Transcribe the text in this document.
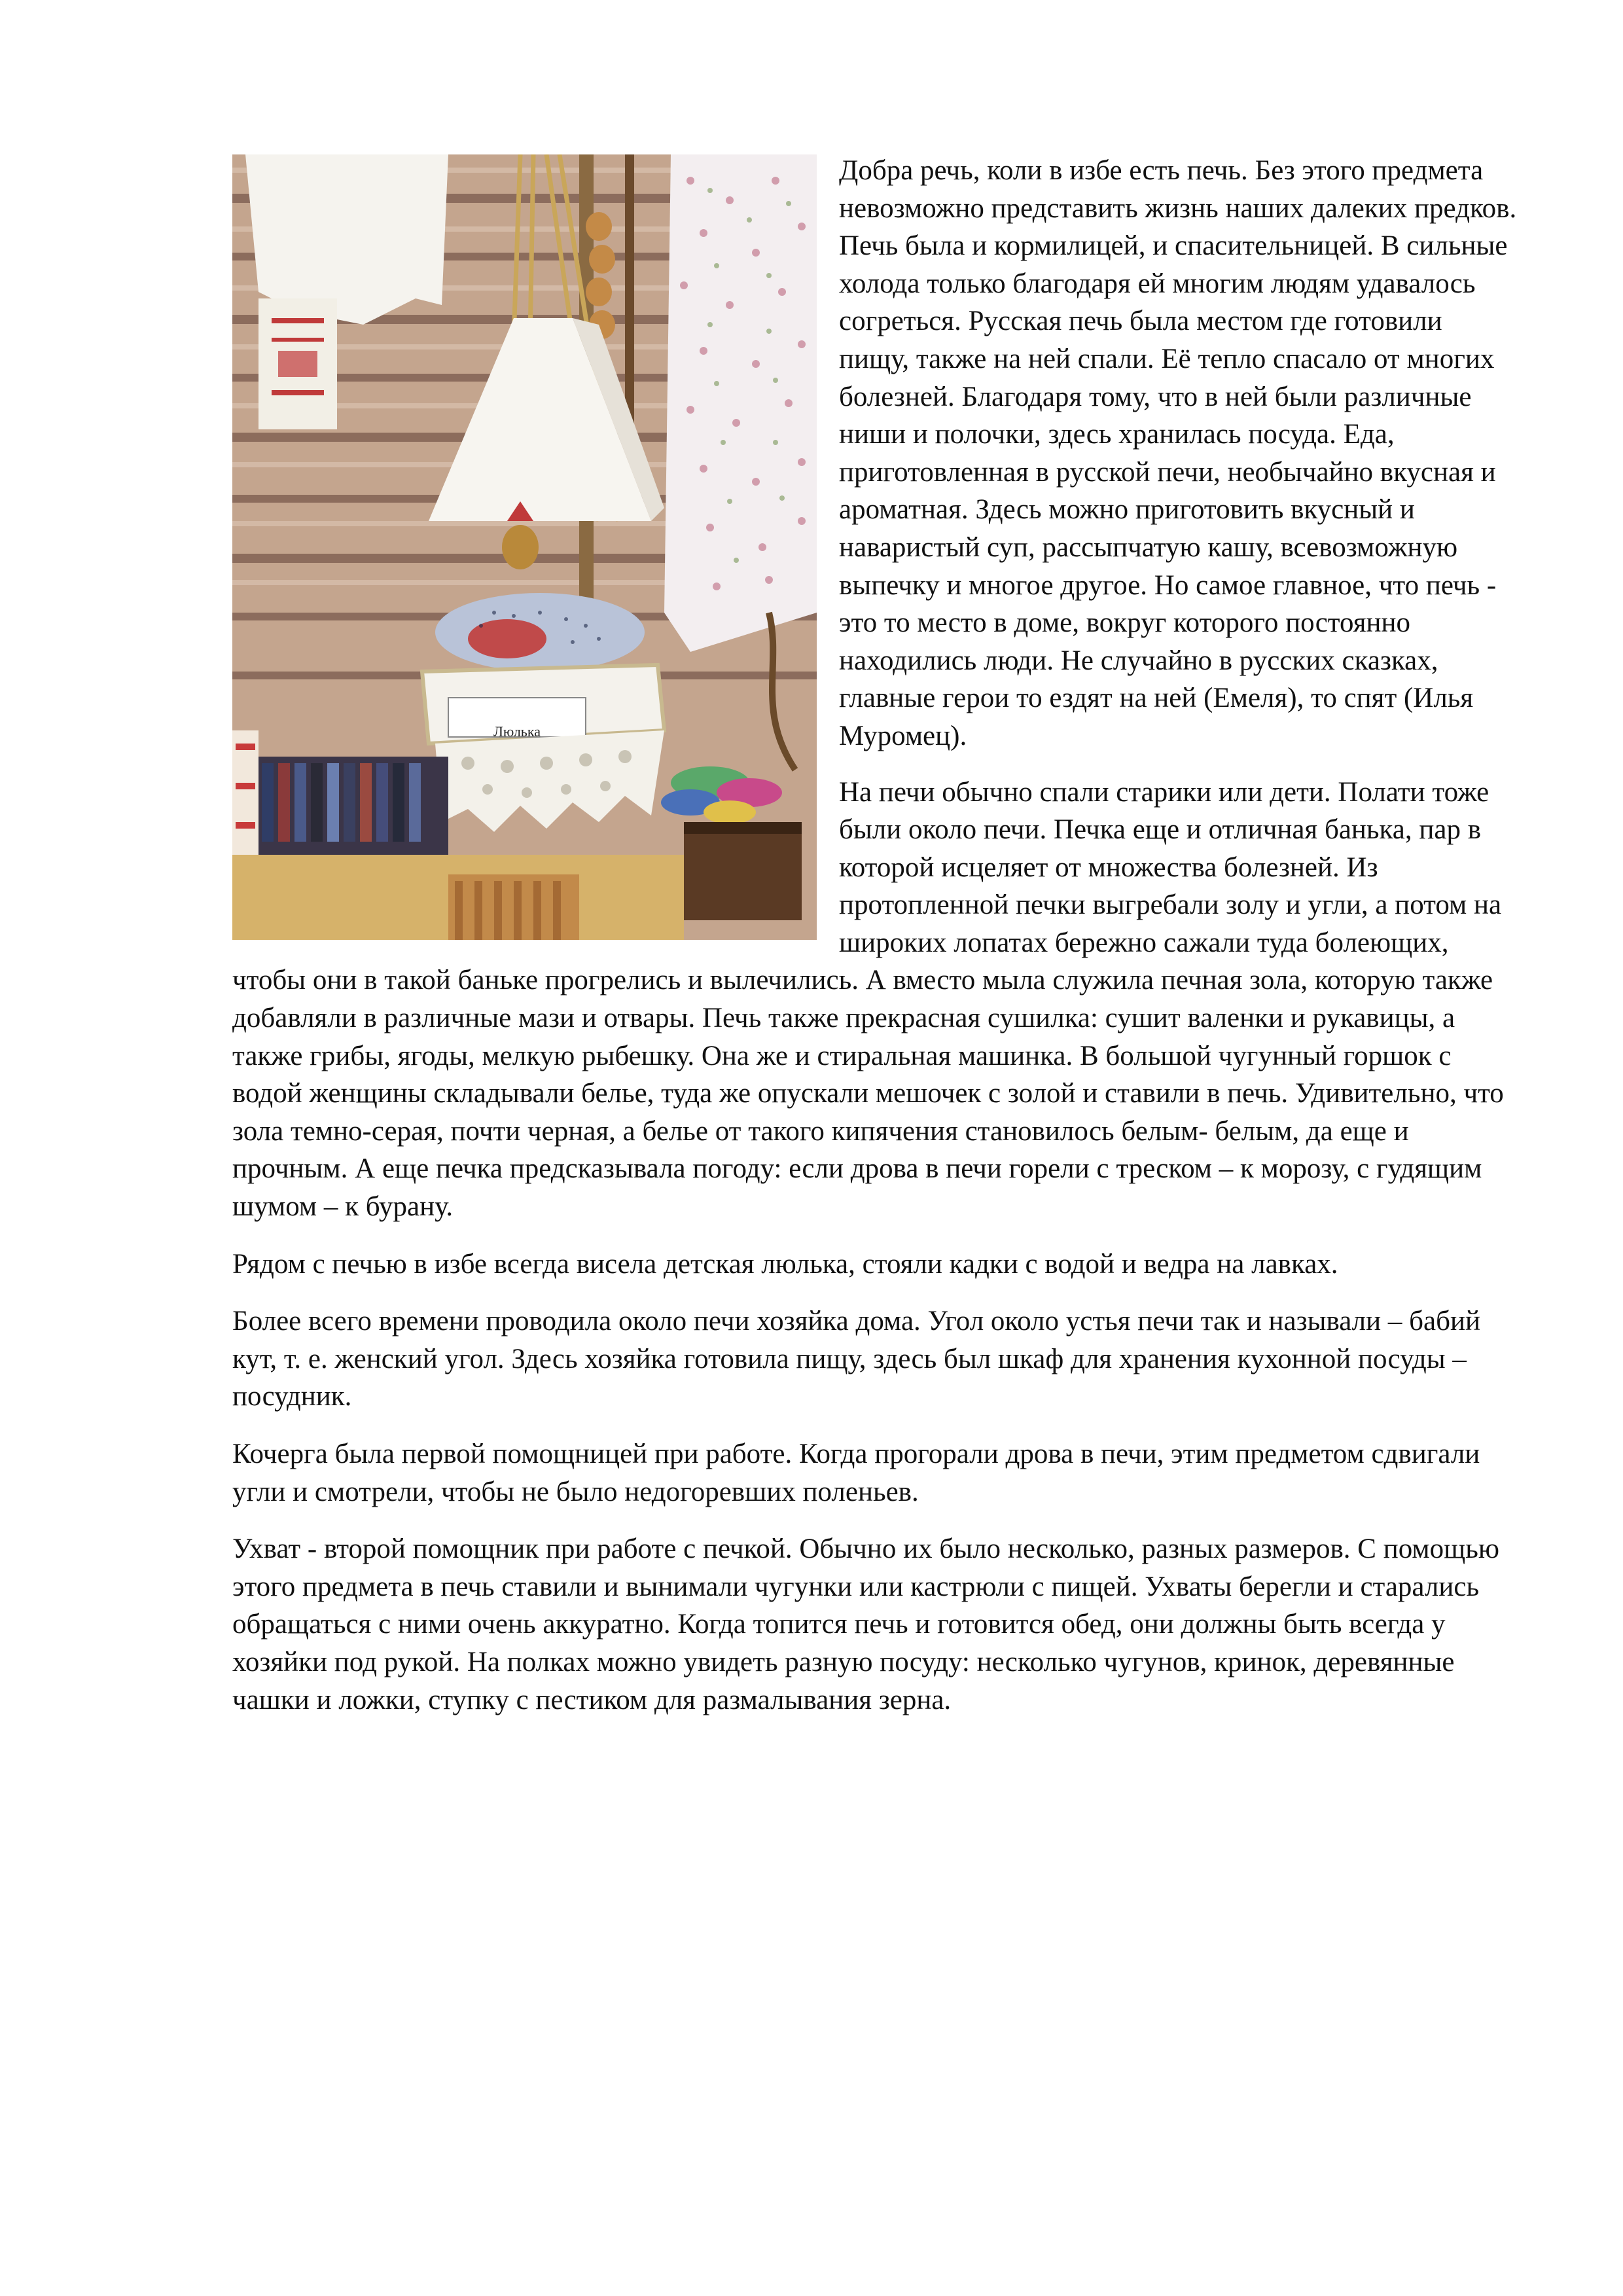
Люлька

Добра речь, коли в избе есть печь. Без этого предмета невозможно представить жизнь наших далеких предков. Печь была и кормилицей, и спасительницей. В сильные холода только благодаря ей многим людям удавалось согреться. Русская печь была местом где готовили пищу, также на ней спали. Её тепло спасало от многих болезней. Благодаря тому, что в ней были различные ниши и полочки, здесь хранилась посуда. Еда, приготовленная в русской печи, необычайно вкусная и ароматная. Здесь можно приготовить вкусный и наваристый суп, рассыпчатую кашу, всевозможную выпечку и многое другое. Но самое главное, что печь - это то место в доме, вокруг которого постоянно находились люди. Не случайно в русских сказках, главные герои то ездят на ней (Емеля), то спят (Илья Муромец).

На печи обычно спали старики или дети. Полати тоже были около печи. Печка еще и отличная банька, пар в которой исцеляет от множества болезней. Из протопленной печки выгребали золу и угли, а потом на широких лопатах бережно сажали туда болеющих, чтобы они в такой баньке прогрелись и вылечились. А вместо мыла служила печная зола, которую также добавляли в различные мази и отвары. Печь также прекрасная сушилка: сушит валенки и рукавицы, а также грибы, ягоды, мелкую рыбешку. Она же и стиральная машинка. В большой чугунный горшок с водой женщины складывали белье, туда же опускали мешочек с золой и ставили в печь. Удивительно, что зола темно-серая, почти черная, а белье от такого кипячения становилось белым- белым, да еще и прочным. А еще печка предсказывала погоду: если дрова в печи горели с треском – к морозу, с гудящим шумом – к бурану.

Рядом с печью в избе всегда висела детская люлька, стояли кадки с водой и ведра на лавках.

Более всего времени проводила около печи хозяйка дома. Угол около устья печи так и называли – бабий кут, т. е. женский угол. Здесь хозяйка готовила пищу, здесь был шкаф для хранения кухонной посуды – посудник.

Кочерга была первой помощницей при работе. Когда прогорали дрова в печи, этим предметом сдвигали угли и смотрели, чтобы не было недогоревших поленьев.

Ухват - второй помощник при работе с печкой. Обычно их было несколько, разных размеров. С помощью этого предмета в печь ставили и вынимали чугунки или кастрюли с пищей. Ухваты берегли и старались обращаться с ними очень аккуратно. Когда топится печь и готовится обед, они должны быть всегда у хозяйки под рукой. На полках можно увидеть разную посуду: несколько чугунов, кринок, деревянные чашки и ложки, ступку с пестиком для размалывания зерна.
